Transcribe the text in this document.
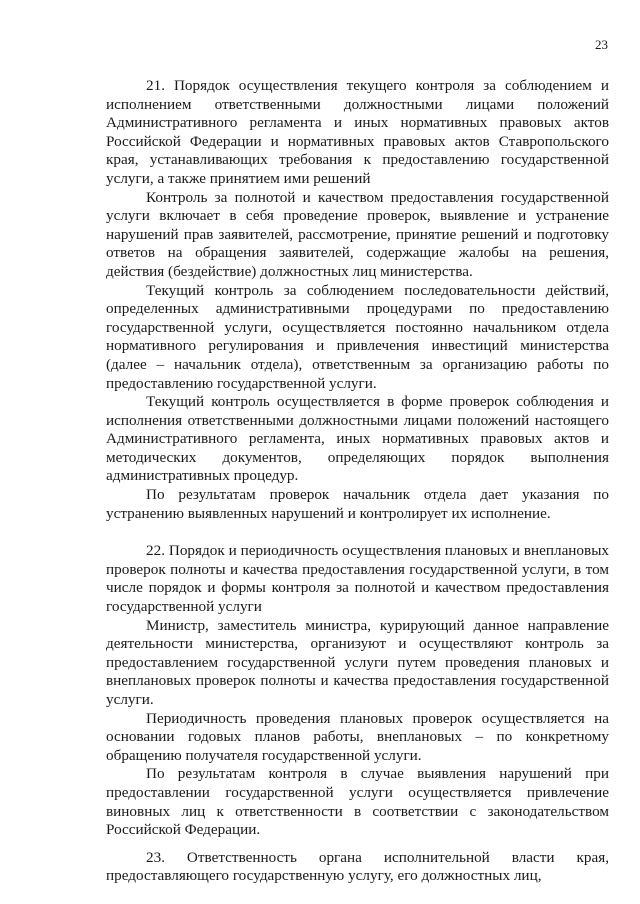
23

21. Порядок осуществления текущего контроля за соблюдением и исполнением ответственными должностными лицами положений Административного регламента и иных нормативных правовых актов Российской Федерации и нормативных правовых актов Ставропольского края, устанавливающих требования к предоставлению государственной услуги, а также принятием ими решений

Контроль за полнотой и качеством предоставления государственной услуги включает в себя проведение проверок, выявление и устранение нарушений прав заявителей, рассмотрение, принятие решений и подготовку ответов на обращения заявителей, содержащие жалобы на решения, действия (бездействие) должностных лиц министерства.

Текущий контроль за соблюдением последовательности действий, определенных административными процедурами по предоставлению государственной услуги, осуществляется постоянно начальником отдела нормативного регулирования и привлечения инвестиций министерства (далее – начальник отдела), ответственным за организацию работы по предоставлению государственной услуги.

Текущий контроль осуществляется в форме проверок соблюдения и исполнения ответственными должностными лицами положений настоящего Административного регламента, иных нормативных правовых актов и методических документов, определяющих порядок выполнения административных процедур.

По результатам проверок начальник отдела дает указания по устранению выявленных нарушений и контролирует их исполнение.

22. Порядок и периодичность осуществления плановых и внеплановых проверок полноты и качества предоставления государственной услуги, в том числе порядок и формы контроля за полнотой и качеством предоставления государственной услуги

Министр, заместитель министра, курирующий данное направление деятельности министерства, организуют и осуществляют контроль за предоставлением государственной услуги путем проведения плановых и внеплановых проверок полноты и качества предоставления государственной услуги.

Периодичность проведения плановых проверок осуществляется на основании годовых планов работы, внеплановых – по конкретному обращению получателя государственной услуги.

По результатам контроля в случае выявления нарушений при предоставлении государственной услуги осуществляется привлечение виновных лиц к ответственности в соответствии с законодательством Российской Федерации.

23. Ответственность органа исполнительной власти края, предоставляющего государственную услугу, его должностных лиц,
